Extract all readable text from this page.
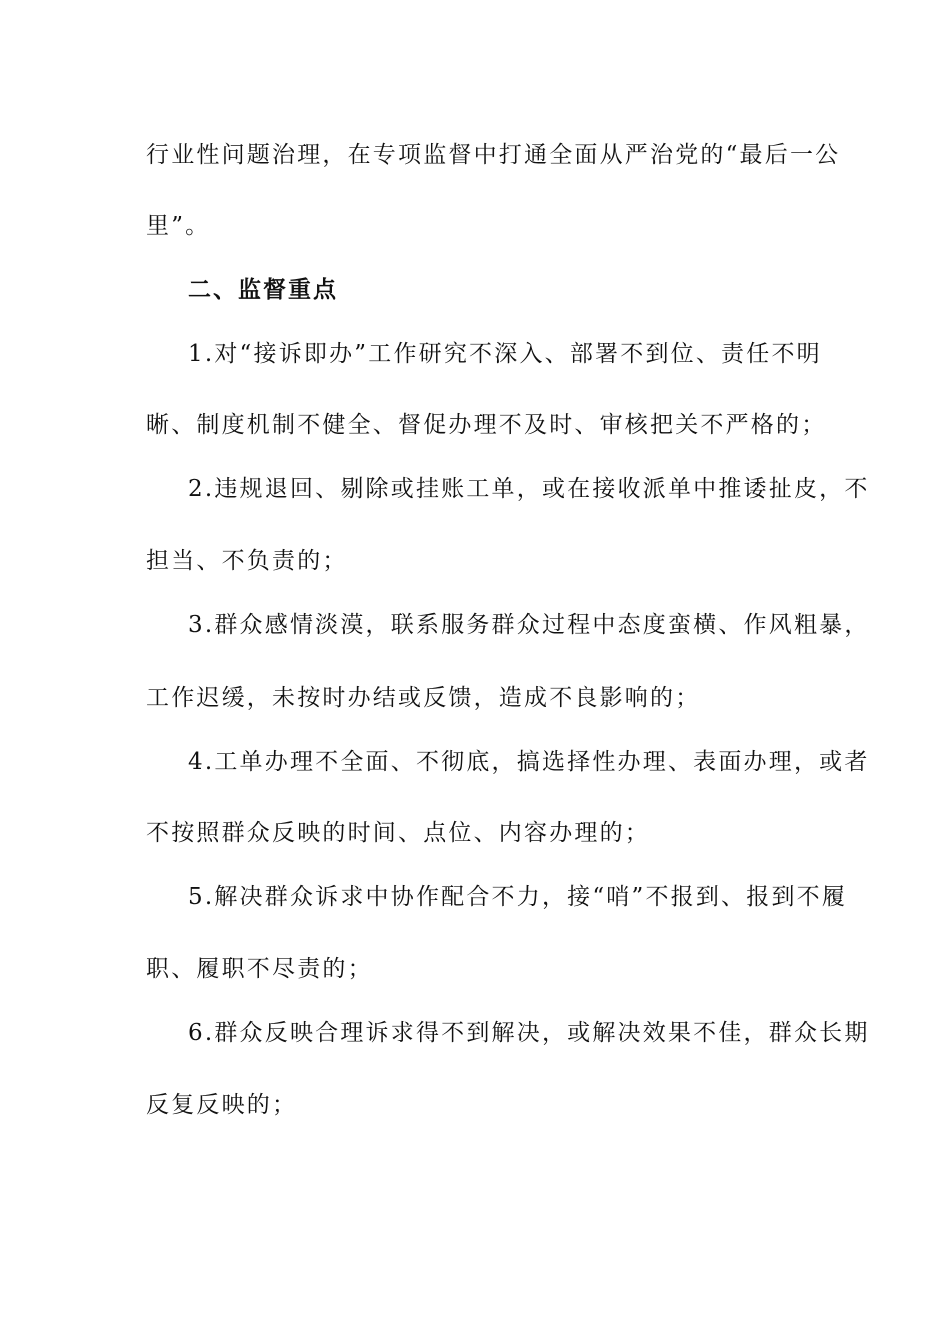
行业性问题治理，在专项监督中打通全面从严治党的“最后一公
里”。
二、监督重点
1.对“接诉即办”工作研究不深入、部署不到位、责任不明
晰、制度机制不健全、督促办理不及时、审核把关不严格的；
2.违规退回、剔除或挂账工单，或在接收派单中推诿扯皮，不
担当、不负责的；
3.群众感情淡漠，联系服务群众过程中态度蛮横、作风粗暴，
工作迟缓，未按时办结或反馈，造成不良影响的；
4.工单办理不全面、不彻底，搞选择性办理、表面办理，或者
不按照群众反映的时间、点位、内容办理的；
5.解决群众诉求中协作配合不力，接“哨”不报到、报到不履
职、履职不尽责的；
6.群众反映合理诉求得不到解决，或解决效果不佳，群众长期
反复反映的；
